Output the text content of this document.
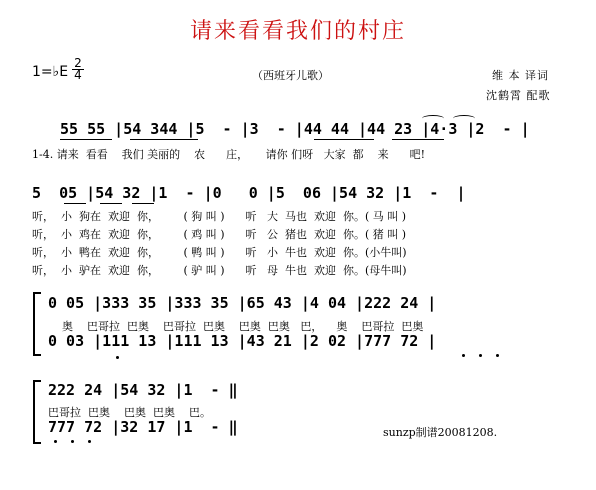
请来看看我们的村庄
1=♭E
2
4	（西班牙儿歌）	维 本 译词
沈鹤霄 配歌
55 55 |54 344 |5  - |3  - |44 44 |44 23 |4·3 |2  - |
1-4. 请来  看看    我们 美丽的    农      庄，     请你 们呀   大家  都    来      吧!
5  05 |54 32 |1  - |0   0 |5  06 |54 32 |1  -  |
听，  小  狗在  欢迎  你，       ( 狗 叫 )      听   大  马也  欢迎  你。( 马 叫 )
听，  小  鸡在  欢迎  你，       ( 鸡 叫 )      听   公  猪也  欢迎  你。( 猪 叫 )
听，  小  鸭在  欢迎  你，       ( 鸭 叫 )      听   小  牛也  欢迎  你。(小牛叫)
听，  小  驴在  欢迎  你，       ( 驴 叫 )      听   母  牛也  欢迎  你。(母牛叫)
0 05 |333 35 |333 35 |65 43 |4 04 |222 24 |
奥    巴哥拉  巴奥    巴哥拉  巴奥    巴奥  巴奥   巴，    奥    巴哥拉  巴奥
0 03 |111 13 |111 13 |43 21 |2 02 |777 72 |
222 24 |54 32 |1  - ‖
巴哥拉  巴奥    巴奥  巴奥    巴。
777 72 |32 17 |1  - ‖	sunzp制谱20081208.
